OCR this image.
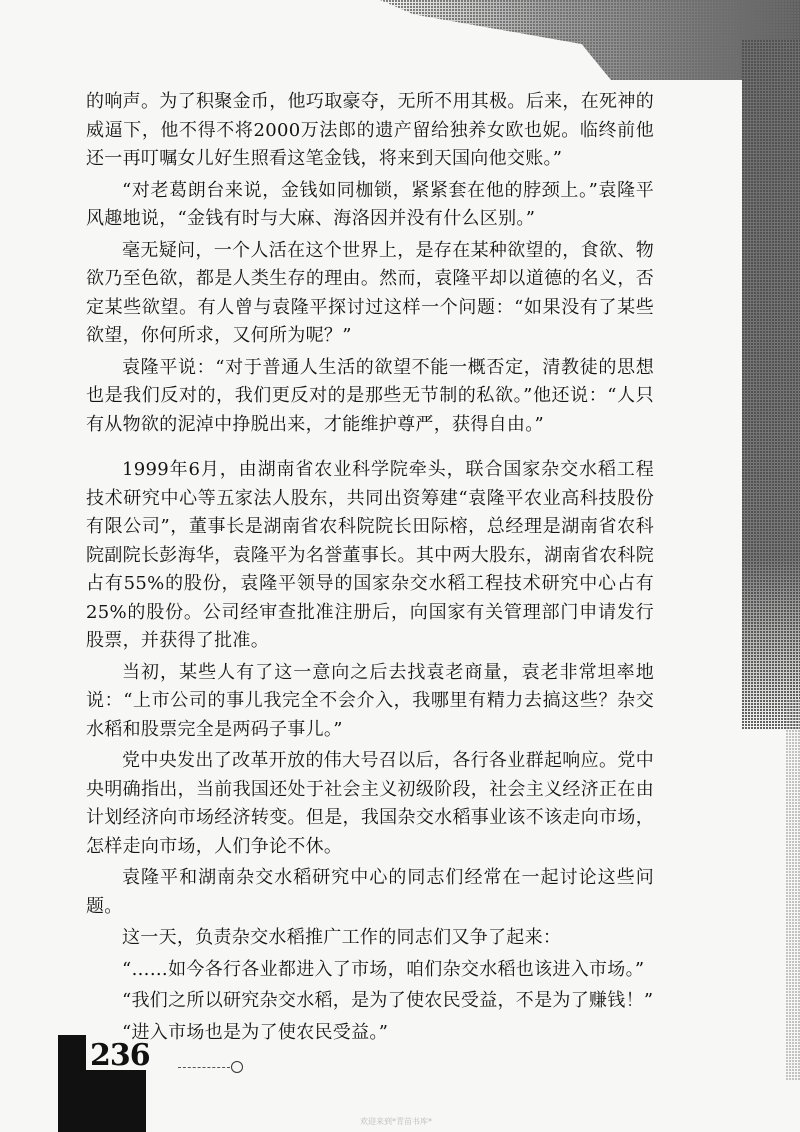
的响声。为了积聚金币，他巧取豪夺，无所不用其极。后来，在死神的威逼下，他不得不将2000万法郎的遗产留给独养女欧也妮。临终前他还一再叮嘱女儿好生照看这笔金钱，将来到天国向他交账。”

“对老葛朗台来说，金钱如同枷锁，紧紧套在他的脖颈上。”袁隆平风趣地说，“金钱有时与大麻、海洛因并没有什么区别。”

毫无疑问，一个人活在这个世界上，是存在某种欲望的，食欲、物欲乃至色欲，都是人类生存的理由。然而，袁隆平却以道德的名义，否定某些欲望。有人曾与袁隆平探讨过这样一个问题：“如果没有了某些欲望，你何所求，又何所为呢？”

袁隆平说：“对于普通人生活的欲望不能一概否定，清教徒的思想也是我们反对的，我们更反对的是那些无节制的私欲。”他还说：“人只有从物欲的泥淖中挣脱出来，才能维护尊严，获得自由。”

1999年6月，由湖南省农业科学院牵头，联合国家杂交水稻工程技术研究中心等五家法人股东，共同出资筹建“袁隆平农业高科技股份有限公司”，董事长是湖南省农科院院长田际榕，总经理是湖南省农科院副院长彭海华，袁隆平为名誉董事长。其中两大股东，湖南省农科院占有55%的股份，袁隆平领导的国家杂交水稻工程技术研究中心占有25%的股份。公司经审查批准注册后，向国家有关管理部门申请发行股票，并获得了批准。

当初，某些人有了这一意向之后去找袁老商量，袁老非常坦率地说：“上市公司的事儿我完全不会介入，我哪里有精力去搞这些？杂交水稻和股票完全是两码子事儿。”

党中央发出了改革开放的伟大号召以后，各行各业群起响应。党中央明确指出，当前我国还处于社会主义初级阶段，社会主义经济正在由计划经济向市场经济转变。但是，我国杂交水稻事业该不该走向市场，怎样走向市场，人们争论不休。

袁隆平和湖南杂交水稻研究中心的同志们经常在一起讨论这些问题。

这一天，负责杂交水稻推广工作的同志们又争了起来：

“……如今各行各业都进入了市场，咱们杂交水稻也该进入市场。”

“我们之所以研究杂交水稻，是为了使农民受益，不是为了赚钱！”

“进入市场也是为了使农民受益。”

236
欢迎来到*青苗书库*
